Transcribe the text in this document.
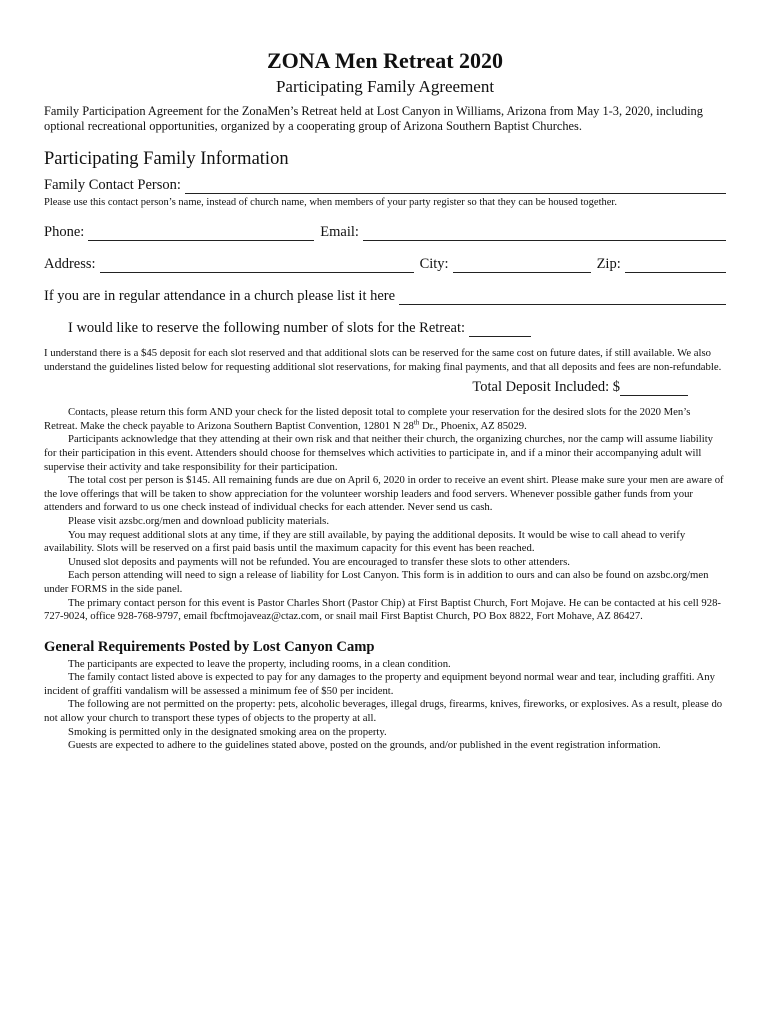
ZONA Men Retreat 2020
Participating Family Agreement

Family Participation Agreement for the ZonaMen’s Retreat held at Lost Canyon in Williams, Arizona from May 1-3, 2020, including optional recreational opportunities, organized by a cooperating group of Arizona Southern Baptist Churches.

Participating Family Information
Family Contact Person:

Please use this contact person’s name, instead of church name, when members of your party register so that they can be housed together.

Phone:	Email:
Address:	City:	Zip:
If you are in regular attendance in a church please list it here
I would like to reserve the following number of slots for the Retreat:

I understand there is a $45 deposit for each slot reserved and that additional slots can be reserved for the same cost on future dates, if still available. We also understand the guidelines listed below for requesting additional slot reservations, for making final payments, and that all deposits and fees are non-refundable.

Total Deposit Included: $

Contacts, please return this form AND your check for the listed deposit total to complete your reservation for the desired slots for the 2020 Men’s Retreat. Make the check payable to Arizona Southern Baptist Convention, 12801 N 28th Dr., Phoenix, AZ 85029.

Participants acknowledge that they attending at their own risk and that neither their church, the organizing churches, nor the camp will assume liability for their participation in this event. Attenders should choose for themselves which activities to participate in, and if a minor their accompanying adult will supervise their activity and take responsibility for their participation.

The total cost per person is $145. All remaining funds are due on April 6, 2020 in order to receive an event shirt. Please make sure your men are aware of the love offerings that will be taken to show appreciation for the volunteer worship leaders and food servers. Whenever possible gather funds from your attenders and forward to us one check instead of individual checks for each attender. Never send us cash.

Please visit azsbc.org/men and download publicity materials.

You may request additional slots at any time, if they are still available, by paying the additional deposits. It would be wise to call ahead to verify availability. Slots will be reserved on a first paid basis until the maximum capacity for this event has been reached.

Unused slot deposits and payments will not be refunded. You are encouraged to transfer these slots to other attenders.

Each person attending will need to sign a release of liability for Lost Canyon. This form is in addition to ours and can also be found on azsbc.org/men under FORMS in the side panel.

The primary contact person for this event is Pastor Charles Short (Pastor Chip) at First Baptist Church, Fort Mojave. He can be contacted at his cell 928-727-9024, office 928-768-9797, email fbcftmojaveaz@ctaz.com, or snail mail First Baptist Church, PO Box 8822, Fort Mohave, AZ 86427.

General Requirements Posted by Lost Canyon Camp

The participants are expected to leave the property, including rooms, in a clean condition.

The family contact listed above is expected to pay for any damages to the property and equipment beyond normal wear and tear, including graffiti. Any incident of graffiti vandalism will be assessed a minimum fee of $50 per incident.

The following are not permitted on the property: pets, alcoholic beverages, illegal drugs, firearms, knives, fireworks, or explosives. As a result, please do not allow your church to transport these types of objects to the property at all.

Smoking is permitted only in the designated smoking area on the property.

Guests are expected to adhere to the guidelines stated above, posted on the grounds, and/or published in the event registration information.
